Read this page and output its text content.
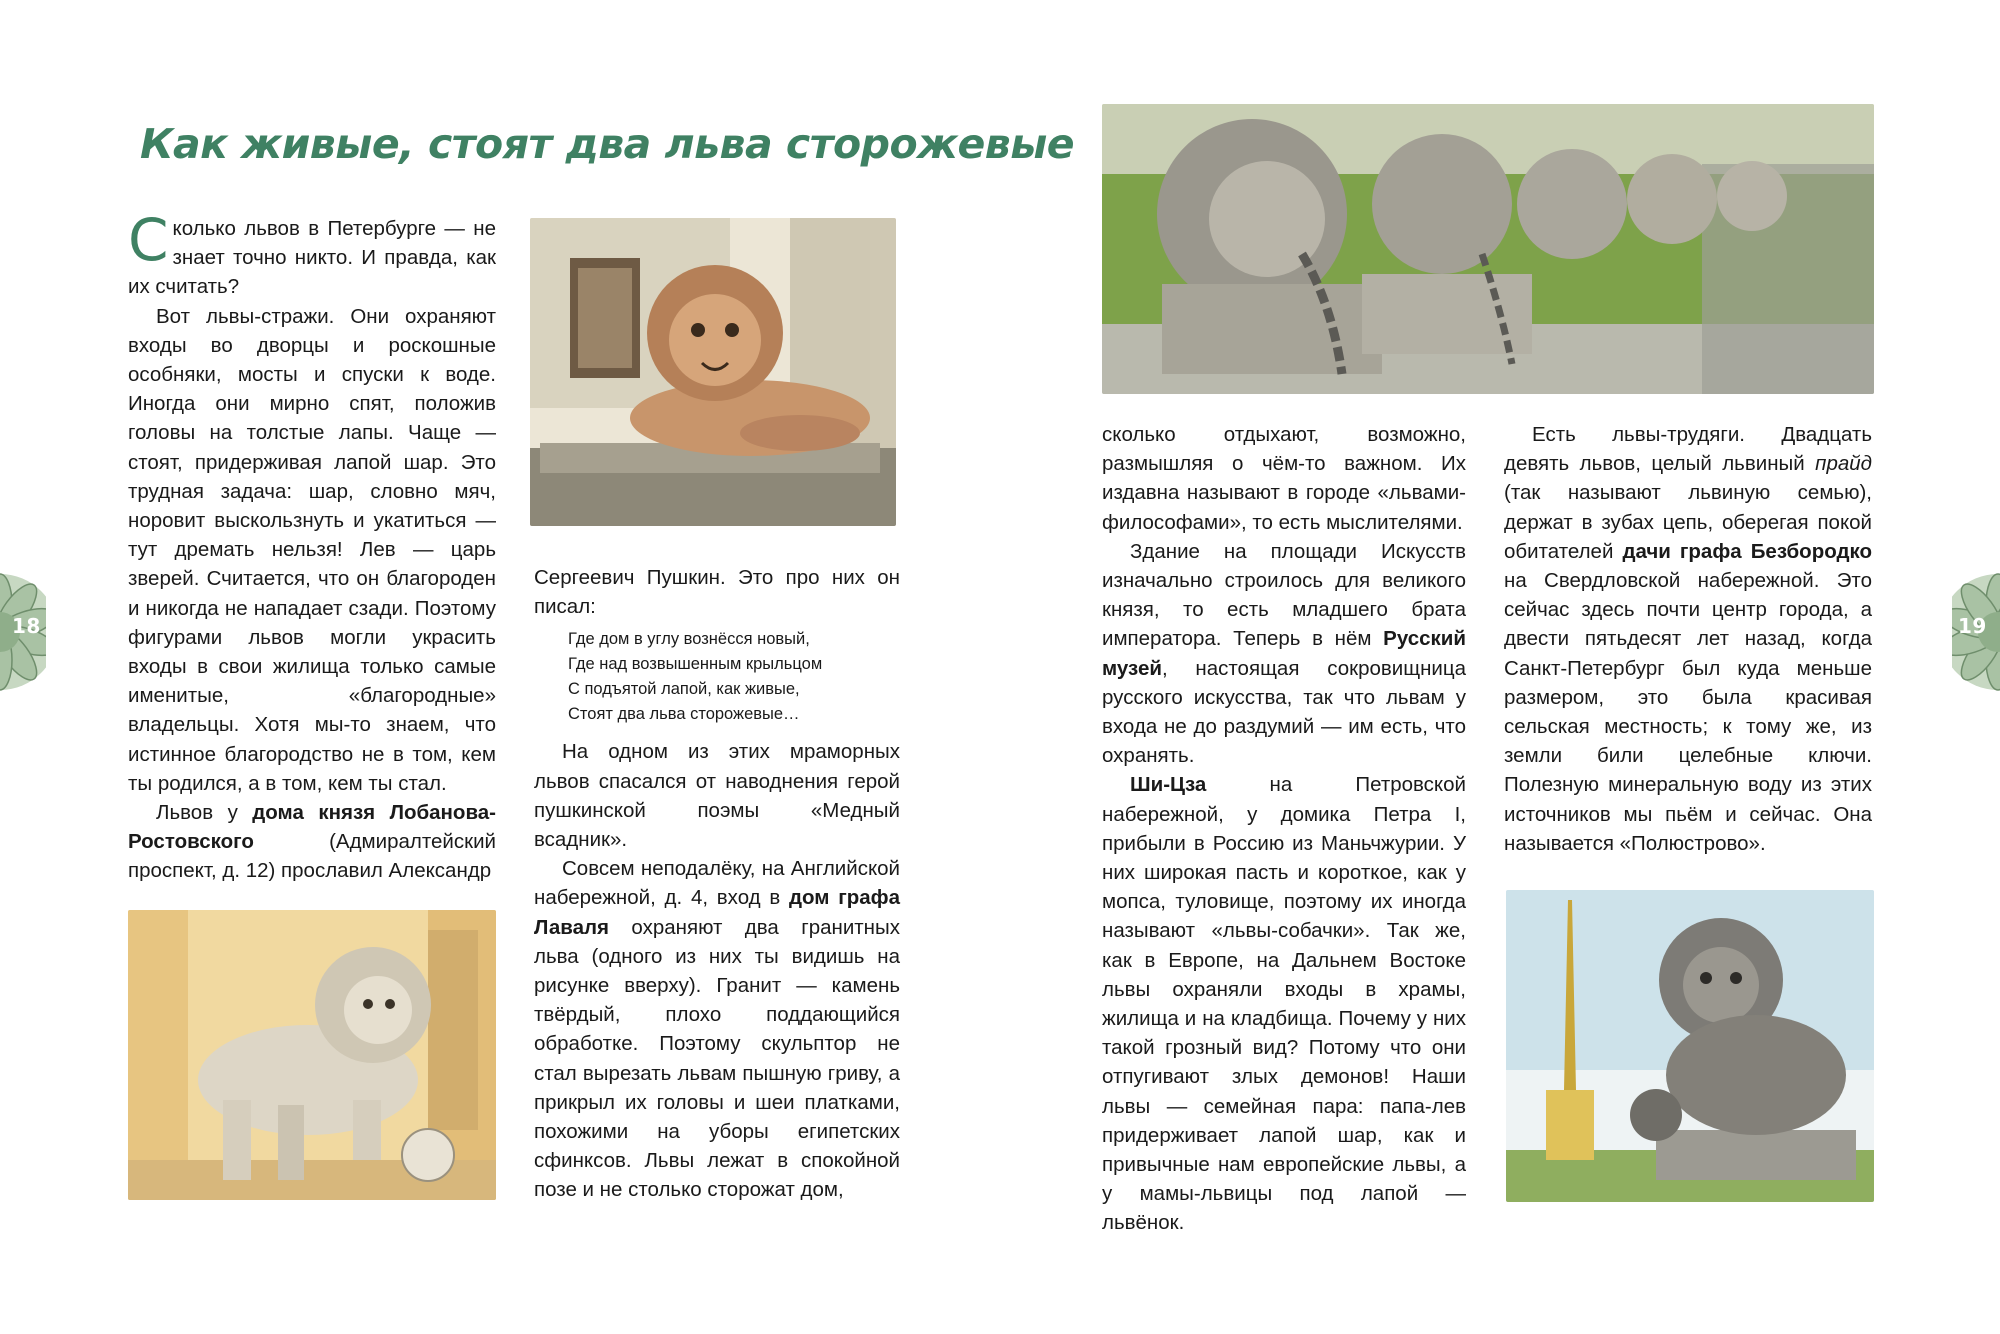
Как живые, стоят два льва сторожевые

Сколько львов в Петербурге — не знает точно никто. И правда, как их считать?

Вот львы-стражи. Они охраняют входы во дворцы и роскошные особняки, мосты и спуски к воде. Иногда они мирно спят, положив головы на толстые лапы. Чаще — стоят, придерживая лапой шар. Это трудная задача: шар, словно мяч, норовит выскользнуть и укатиться — тут дремать нельзя! Лев — царь зверей. Считается, что он благороден и никогда не нападает сзади. Поэтому фигурами львов могли украсить входы в свои жилища только самые именитые, «благородные» владельцы. Хотя мы-то знаем, что истинное благородство не в том, кем ты родился, а в том, кем ты стал.

Львов у дома князя Лобанова-Ростовского (Адмиралтейский проспект, д. 12) прославил Александр

Сергеевич Пушкин. Это про них он писал:

Где дом в углу вознёсся новый,
Где над возвышенным крыльцом
С подъятой лапой, как живые,
Стоят два льва сторожевые…

На одном из этих мраморных львов спасался от наводнения герой пушкинской поэмы «Медный всадник».

Совсем неподалёку, на Английской набережной, д. 4, вход в дом графа Лаваля охраняют два гранитных льва (одного из них ты видишь на рисунке вверху). Гранит — камень твёрдый, плохо поддающийся обработке. Поэтому скульптор не стал вырезать львам пышную гриву, а прикрыл их головы и шеи платками, похожими на уборы египетских сфинксов. Львы лежат в спокойной позе и не столько сторожат дом,

18

сколько отдыхают, возможно, размышляя о чём-то важном. Их издавна называют в городе «львами-философами», то есть мыслителями.

Здание на площади Искусств изначально строилось для великого князя, то есть младшего брата императора. Теперь в нём Русский музей, настоящая сокровищница русского искусства, так что львам у входа не до раздумий — им есть, что охранять.

Ши-Цза на Петровской набережной, у домика Петра I, прибыли в Россию из Маньчжурии. У них широкая пасть и короткое, как у мопса, туловище, поэтому их иногда называют «львы-собачки». Так же, как в Европе, на Дальнем Востоке львы охраняли входы в храмы, жилища и на кладбища. Почему у них такой грозный вид? Потому что они отпугивают злых демонов! Наши львы — семейная пара: папа-лев придерживает лапой шар, как и привычные нам европейские львы, а у мамы-львицы под лапой — львёнок.

Есть львы-трудяги. Двадцать девять львов, целый львиный прайд (так называют львиную семью), держат в зубах цепь, оберегая покой обитателей дачи графа Безбородко на Свердловской набережной. Это сейчас здесь почти центр города, а двести пятьдесят лет назад, когда Санкт-Петербург был куда меньше размером, это была красивая сельская местность; к тому же, из земли били целебные ключи. Полезную минеральную воду из этих источников мы пьём и сейчас. Она называется «Полюстрово».

19
